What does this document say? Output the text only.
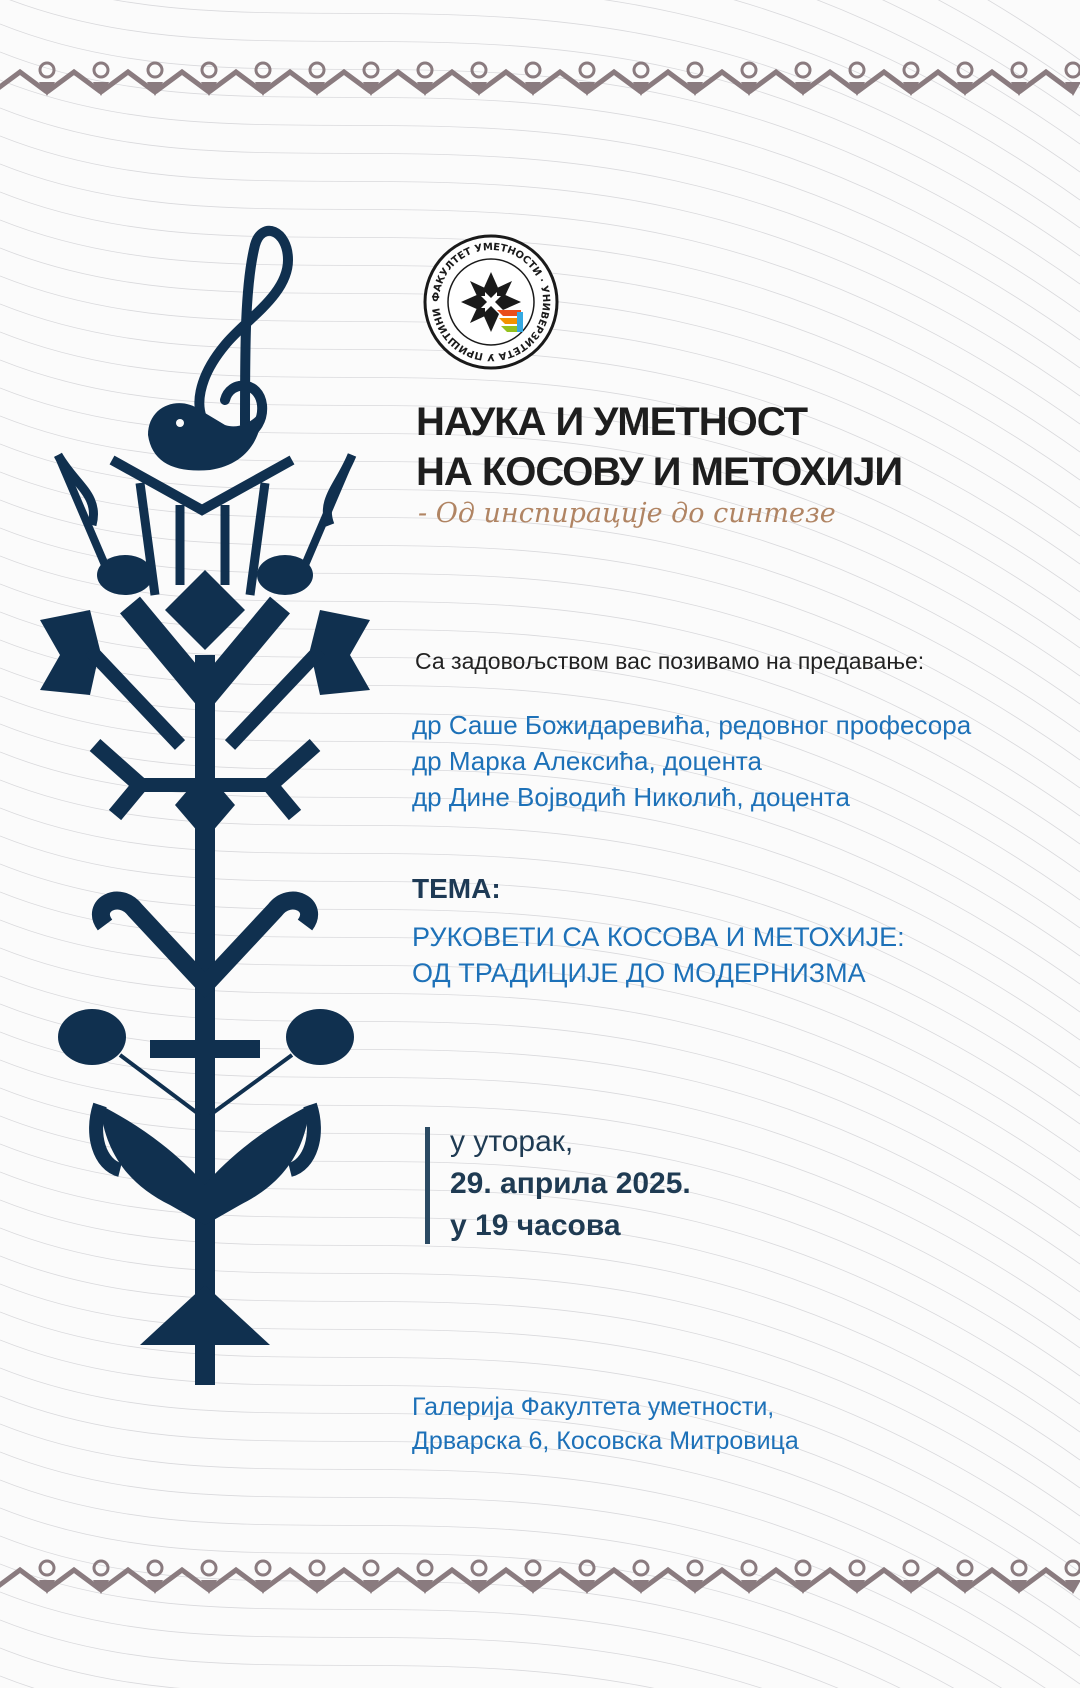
ФАКУЛТЕТ УМЕТНОСТИ · УНИВЕРЗИТЕТА У ПРИШТИНИ
НАУКА И УМЕТНОСТ
НА КОСОВУ И МЕТОХИЈИ
- Од инспирације до синтезе
Са задовољством вас позивамо на предавање:
др Саше Божидаревића, редовног професора
др Марка Алексића, доцента
др Дине Војводић Николић, доцента
ТЕМА:
РУКОВЕТИ СА КОСОВА И МЕТОХИЈЕ:
ОД ТРАДИЦИЈЕ ДО МОДЕРНИЗМА
у уторак,
29. априла 2025.
у 19 часова
Галерија Факултета уметности,
Дрварска 6, Косовска Митровица
